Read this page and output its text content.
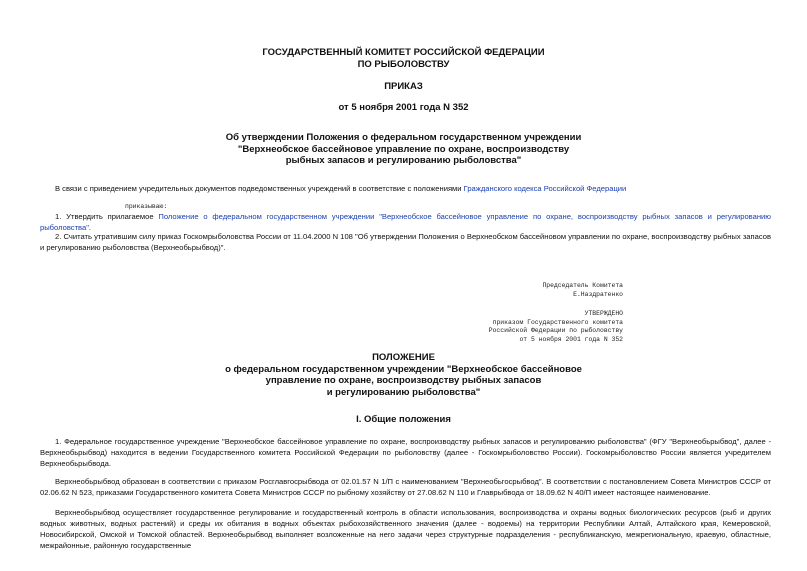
ГОСУДАРСТВЕННЫЙ КОМИТЕТ РОССИЙСКОЙ ФЕДЕРАЦИИ
ПО РЫБОЛОВСТВУ
ПРИКАЗ
от 5 ноября 2001 года N 352
Об утверждении Положения о федеральном государственном учреждении
"Верхнеобское бассейновое управление по охране, воспроизводству
рыбных запасов и регулированию рыболовства"
В связи с приведением учредительных документов подведомственных учреждений в соответствие с положениями Гражданского кодекса Российской Федерации
приказываю:
1. Утвердить прилагаемое Положение о федеральном государственном учреждении "Верхнеобское бассейновое управление по охране, воспроизводству рыбных запасов и регулированию рыболовства".
2. Считать утратившим силу приказ Госкомрыболовства России от 11.04.2000 N 108 "Об утверждении Положения о Верхнеобском бассейновом управлении по охране, воспроизводству рыбных запасов и регулированию рыболовства (Верхнеобьрыбвод)".
Председатель Комитета
Е.Наздратенко
УТВЕРЖДЕНО
приказом Государственного комитета
Российской Федерации по рыболовству
от 5 ноября 2001 года N 352
ПОЛОЖЕНИЕ
о федеральном государственном учреждении "Верхнеобское бассейновое
управление по охране, воспроизводству рыбных запасов
и регулированию рыболовства"
I. Общие положения
1. Федеральное государственное учреждение "Верхнеобское бассейновое управление по охране, воспроизводству рыбных запасов и регулированию рыболовства" (ФГУ "Верхнеобьрыбвод", далее - Верхнеобьрыбвод) находится в ведении Государственного комитета Российской Федерации по рыболовству (далее - Госкомрыболовство России). Госкомрыболовство России является учредителем Верхнеобьрыбвода.
Верхнеобьрыбвод образован в соответствии с приказом Росглавгосрыбвода от 02.01.57 N 1/П с наименованием "Верхнеобьгосрыбвод". В соответствии с постановлением Совета Министров СССР от 02.06.62 N 523, приказами Государственного комитета Совета Министров СССР по рыбному хозяйству от 27.08.62 N 110 и Главрыбвода от 18.09.62 N 40/П имеет настоящее наименование.
Верхнеобьрыбвод осуществляет государственное регулирование и государственный контроль в области использования, воспроизводства и охраны водных биологических ресурсов (рыб и других водных животных, водных растений) и среды их обитания в водных объектах рыбохозяйственного значения (далее - водоемы) на территории Республики Алтай, Алтайского края, Кемеровской, Новосибирской, Омской и Томской областей. Верхнеобьрыбвод выполняет возложенные на него задачи через структурные подразделения - республиканскую, межрегиональную, краевую, областные, межрайонные, районную государственные
